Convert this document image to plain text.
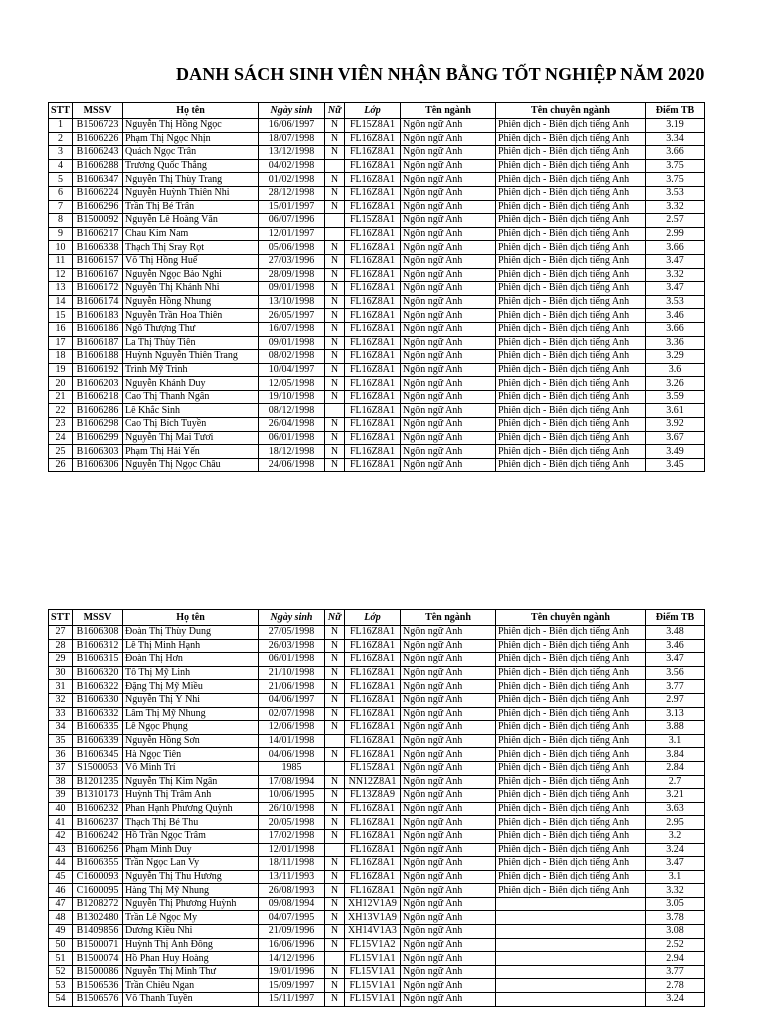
DANH SÁCH SINH VIÊN NHẬN BẰNG TỐT NGHIỆP NĂM 2020
STT	MSSV	Họ tên	Ngày sinh	Nữ	Lớp	Tên ngành	Tên chuyên ngành	Điểm TB
1	B1506723	Nguyễn Thị Hồng Ngọc	16/06/1997	N	FL15Z8A1	Ngôn ngữ Anh	Phiên dịch - Biên dịch tiếng Anh	3.19
2	B1606226	Phạm Thị Ngọc Nhịn	18/07/1998	N	FL16Z8A1	Ngôn ngữ Anh	Phiên dịch - Biên dịch tiếng Anh	3.34
3	B1606243	Quách Ngọc Trân	13/12/1998	N	FL16Z8A1	Ngôn ngữ Anh	Phiên dịch - Biên dịch tiếng Anh	3.66
4	B1606288	Trương Quốc Thắng	04/02/1998		FL16Z8A1	Ngôn ngữ Anh	Phiên dịch - Biên dịch tiếng Anh	3.75
5	B1606347	Nguyễn Thị Thùy Trang	01/02/1998	N	FL16Z8A1	Ngôn ngữ Anh	Phiên dịch - Biên dịch tiếng Anh	3.75
6	B1606224	Nguyễn Huỳnh Thiên Nhi	28/12/1998	N	FL16Z8A1	Ngôn ngữ Anh	Phiên dịch - Biên dịch tiếng Anh	3.53
7	B1606296	Trần Thị Bé Trân	15/01/1997	N	FL16Z8A1	Ngôn ngữ Anh	Phiên dịch - Biên dịch tiếng Anh	3.32
8	B1500092	Nguyễn Lê Hoàng Văn	06/07/1996		FL15Z8A1	Ngôn ngữ Anh	Phiên dịch - Biên dịch tiếng Anh	2.57
9	B1606217	Chau Kim Nam	12/01/1997		FL16Z8A1	Ngôn ngữ Anh	Phiên dịch - Biên dịch tiếng Anh	2.99
10	B1606338	Thạch Thị Sray Rọt	05/06/1998	N	FL16Z8A1	Ngôn ngữ Anh	Phiên dịch - Biên dịch tiếng Anh	3.66
11	B1606157	Võ Thị Hồng Huế	27/03/1996	N	FL16Z8A1	Ngôn ngữ Anh	Phiên dịch - Biên dịch tiếng Anh	3.47
12	B1606167	Nguyễn Ngọc Bảo Nghi	28/09/1998	N	FL16Z8A1	Ngôn ngữ Anh	Phiên dịch - Biên dịch tiếng Anh	3.32
13	B1606172	Nguyễn Thị Khánh Nhi	09/01/1998	N	FL16Z8A1	Ngôn ngữ Anh	Phiên dịch - Biên dịch tiếng Anh	3.47
14	B1606174	Nguyễn Hồng Nhung	13/10/1998	N	FL16Z8A1	Ngôn ngữ Anh	Phiên dịch - Biên dịch tiếng Anh	3.53
15	B1606183	Nguyễn Trần Hoa Thiên	26/05/1997	N	FL16Z8A1	Ngôn ngữ Anh	Phiên dịch - Biên dịch tiếng Anh	3.46
16	B1606186	Ngô Thượng Thư	16/07/1998	N	FL16Z8A1	Ngôn ngữ Anh	Phiên dịch - Biên dịch tiếng Anh	3.66
17	B1606187	La Thị Thùy Tiên	09/01/1998	N	FL16Z8A1	Ngôn ngữ Anh	Phiên dịch - Biên dịch tiếng Anh	3.36
18	B1606188	Huỳnh Nguyễn Thiên Trang	08/02/1998	N	FL16Z8A1	Ngôn ngữ Anh	Phiên dịch - Biên dịch tiếng Anh	3.29
19	B1606192	Trình Mỹ Trinh	10/04/1997	N	FL16Z8A1	Ngôn ngữ Anh	Phiên dịch - Biên dịch tiếng Anh	3.6
20	B1606203	Nguyễn Khánh Duy	12/05/1998	N	FL16Z8A1	Ngôn ngữ Anh	Phiên dịch - Biên dịch tiếng Anh	3.26
21	B1606218	Cao Thị Thanh Ngân	19/10/1998	N	FL16Z8A1	Ngôn ngữ Anh	Phiên dịch - Biên dịch tiếng Anh	3.59
22	B1606286	Lê Khắc Sinh	08/12/1998		FL16Z8A1	Ngôn ngữ Anh	Phiên dịch - Biên dịch tiếng Anh	3.61
23	B1606298	Cao Thị Bích Tuyền	26/04/1998	N	FL16Z8A1	Ngôn ngữ Anh	Phiên dịch - Biên dịch tiếng Anh	3.92
24	B1606299	Nguyễn Thị Mai Tươi	06/01/1998	N	FL16Z8A1	Ngôn ngữ Anh	Phiên dịch - Biên dịch tiếng Anh	3.67
25	B1606303	Phạm Thị Hải Yến	18/12/1998	N	FL16Z8A1	Ngôn ngữ Anh	Phiên dịch - Biên dịch tiếng Anh	3.49
26	B1606306	Nguyễn Thị Ngọc Châu	24/06/1998	N	FL16Z8A1	Ngôn ngữ Anh	Phiên dịch - Biên dịch tiếng Anh	3.45
STT	MSSV	Họ tên	Ngày sinh	Nữ	Lớp	Tên ngành	Tên chuyên ngành	Điểm TB
27	B1606308	Đoàn Thị Thùy Dung	27/05/1998	N	FL16Z8A1	Ngôn ngữ Anh	Phiên dịch - Biên dịch tiếng Anh	3.48
28	B1606312	Lê Thị Minh Hạnh	26/03/1998	N	FL16Z8A1	Ngôn ngữ Anh	Phiên dịch - Biên dịch tiếng Anh	3.46
29	B1606315	Đoàn Thị Hơn	06/01/1998	N	FL16Z8A1	Ngôn ngữ Anh	Phiên dịch - Biên dịch tiếng Anh	3.47
30	B1606320	Tô Thị Mỹ Linh	21/10/1998	N	FL16Z8A1	Ngôn ngữ Anh	Phiên dịch - Biên dịch tiếng Anh	3.56
31	B1606322	Đặng Thị Mỹ Miều	21/06/1998	N	FL16Z8A1	Ngôn ngữ Anh	Phiên dịch - Biên dịch tiếng Anh	3.77
32	B1606330	Nguyễn Thị Ý Nhi	04/06/1997	N	FL16Z8A1	Ngôn ngữ Anh	Phiên dịch - Biên dịch tiếng Anh	2.97
33	B1606332	Lâm Thị Mỹ Nhung	02/07/1998	N	FL16Z8A1	Ngôn ngữ Anh	Phiên dịch - Biên dịch tiếng Anh	3.13
34	B1606335	Lê Ngọc Phụng	12/06/1998	N	FL16Z8A1	Ngôn ngữ Anh	Phiên dịch - Biên dịch tiếng Anh	3.88
35	B1606339	Nguyễn Hồng Sơn	14/01/1998		FL16Z8A1	Ngôn ngữ Anh	Phiên dịch - Biên dịch tiếng Anh	3.1
36	B1606345	Hà Ngọc Tiên	04/06/1998	N	FL16Z8A1	Ngôn ngữ Anh	Phiên dịch - Biên dịch tiếng Anh	3.84
37	S1500053	Võ Minh Trí	1985		FL15Z8A1	Ngôn ngữ Anh	Phiên dịch - Biên dịch tiếng Anh	2.84
38	B1201235	Nguyễn Thị Kim Ngân	17/08/1994	N	NN12Z8A1	Ngôn ngữ Anh	Phiên dịch - Biên dịch tiếng Anh	2.7
39	B1310173	Huỳnh Thị Trâm Anh	10/06/1995	N	FL13Z8A9	Ngôn ngữ Anh	Phiên dịch - Biên dịch tiếng Anh	3.21
40	B1606232	Phan Hạnh Phương Quỳnh	26/10/1998	N	FL16Z8A1	Ngôn ngữ Anh	Phiên dịch - Biên dịch tiếng Anh	3.63
41	B1606237	Thạch Thị Bé Thu	20/05/1998	N	FL16Z8A1	Ngôn ngữ Anh	Phiên dịch - Biên dịch tiếng Anh	2.95
42	B1606242	Hồ Trần Ngọc Trâm	17/02/1998	N	FL16Z8A1	Ngôn ngữ Anh	Phiên dịch - Biên dịch tiếng Anh	3.2
43	B1606256	Phạm Minh Duy	12/01/1998		FL16Z8A1	Ngôn ngữ Anh	Phiên dịch - Biên dịch tiếng Anh	3.24
44	B1606355	Trần Ngọc Lan Vy	18/11/1998	N	FL16Z8A1	Ngôn ngữ Anh	Phiên dịch - Biên dịch tiếng Anh	3.47
45	C1600093	Nguyễn Thị Thu Hương	13/11/1993	N	FL16Z8A1	Ngôn ngữ Anh	Phiên dịch - Biên dịch tiếng Anh	3.1
46	C1600095	Hàng Thị Mỹ Nhung	26/08/1993	N	FL16Z8A1	Ngôn ngữ Anh	Phiên dịch - Biên dịch tiếng Anh	3.32
47	B1208272	Nguyễn Thị Phương Huỳnh	09/08/1994	N	XH12V1A9	Ngôn ngữ Anh		3.05
48	B1302480	Trần Lê Ngọc My	04/07/1995	N	XH13V1A9	Ngôn ngữ Anh		3.78
49	B1409856	Dương Kiều Nhi	21/09/1996	N	XH14V1A3	Ngôn ngữ Anh		3.08
50	B1500071	Huỳnh Thị Ánh Đông	16/06/1996	N	FL15V1A2	Ngôn ngữ Anh		2.52
51	B1500074	Hồ Phan Huy Hoàng	14/12/1996		FL15V1A1	Ngôn ngữ Anh		2.94
52	B1500086	Nguyễn Thị Minh Thư	19/01/1996	N	FL15V1A1	Ngôn ngữ Anh		3.77
53	B1506536	Trần Chiêu Ngan	15/09/1997	N	FL15V1A1	Ngôn ngữ Anh		2.78
54	B1506576	Võ Thanh Tuyền	15/11/1997	N	FL15V1A1	Ngôn ngữ Anh		3.24
